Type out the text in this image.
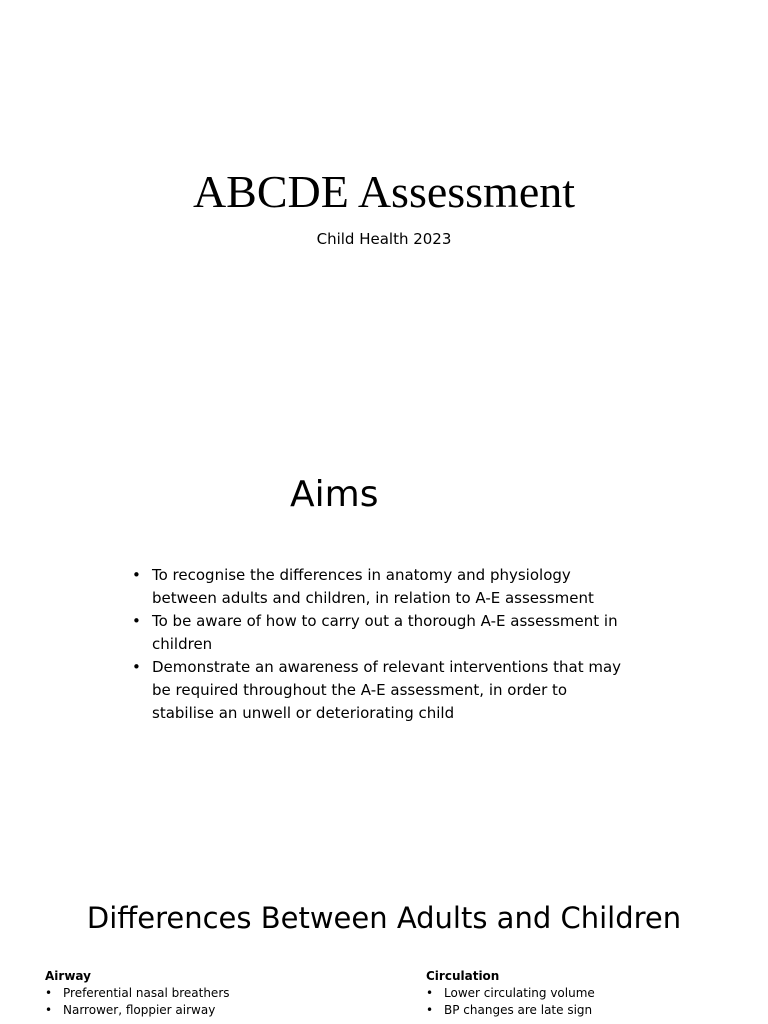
ABCDE Assessment
Child Health 2023
Aims
• To recognise the differences in anatomy and physiology between adults and children, in relation to A-E assessment
• To be aware of how to carry out a thorough A-E assessment in children
• Demonstrate an awareness of relevant interventions that may be required throughout the A-E assessment, in order to stabilise an unwell or deteriorating child
Differences Between Adults and Children
Airway
• Preferential nasal breathers
• Narrower, floppier airway
Circulation
• Lower circulating volume
• BP changes are late sign
